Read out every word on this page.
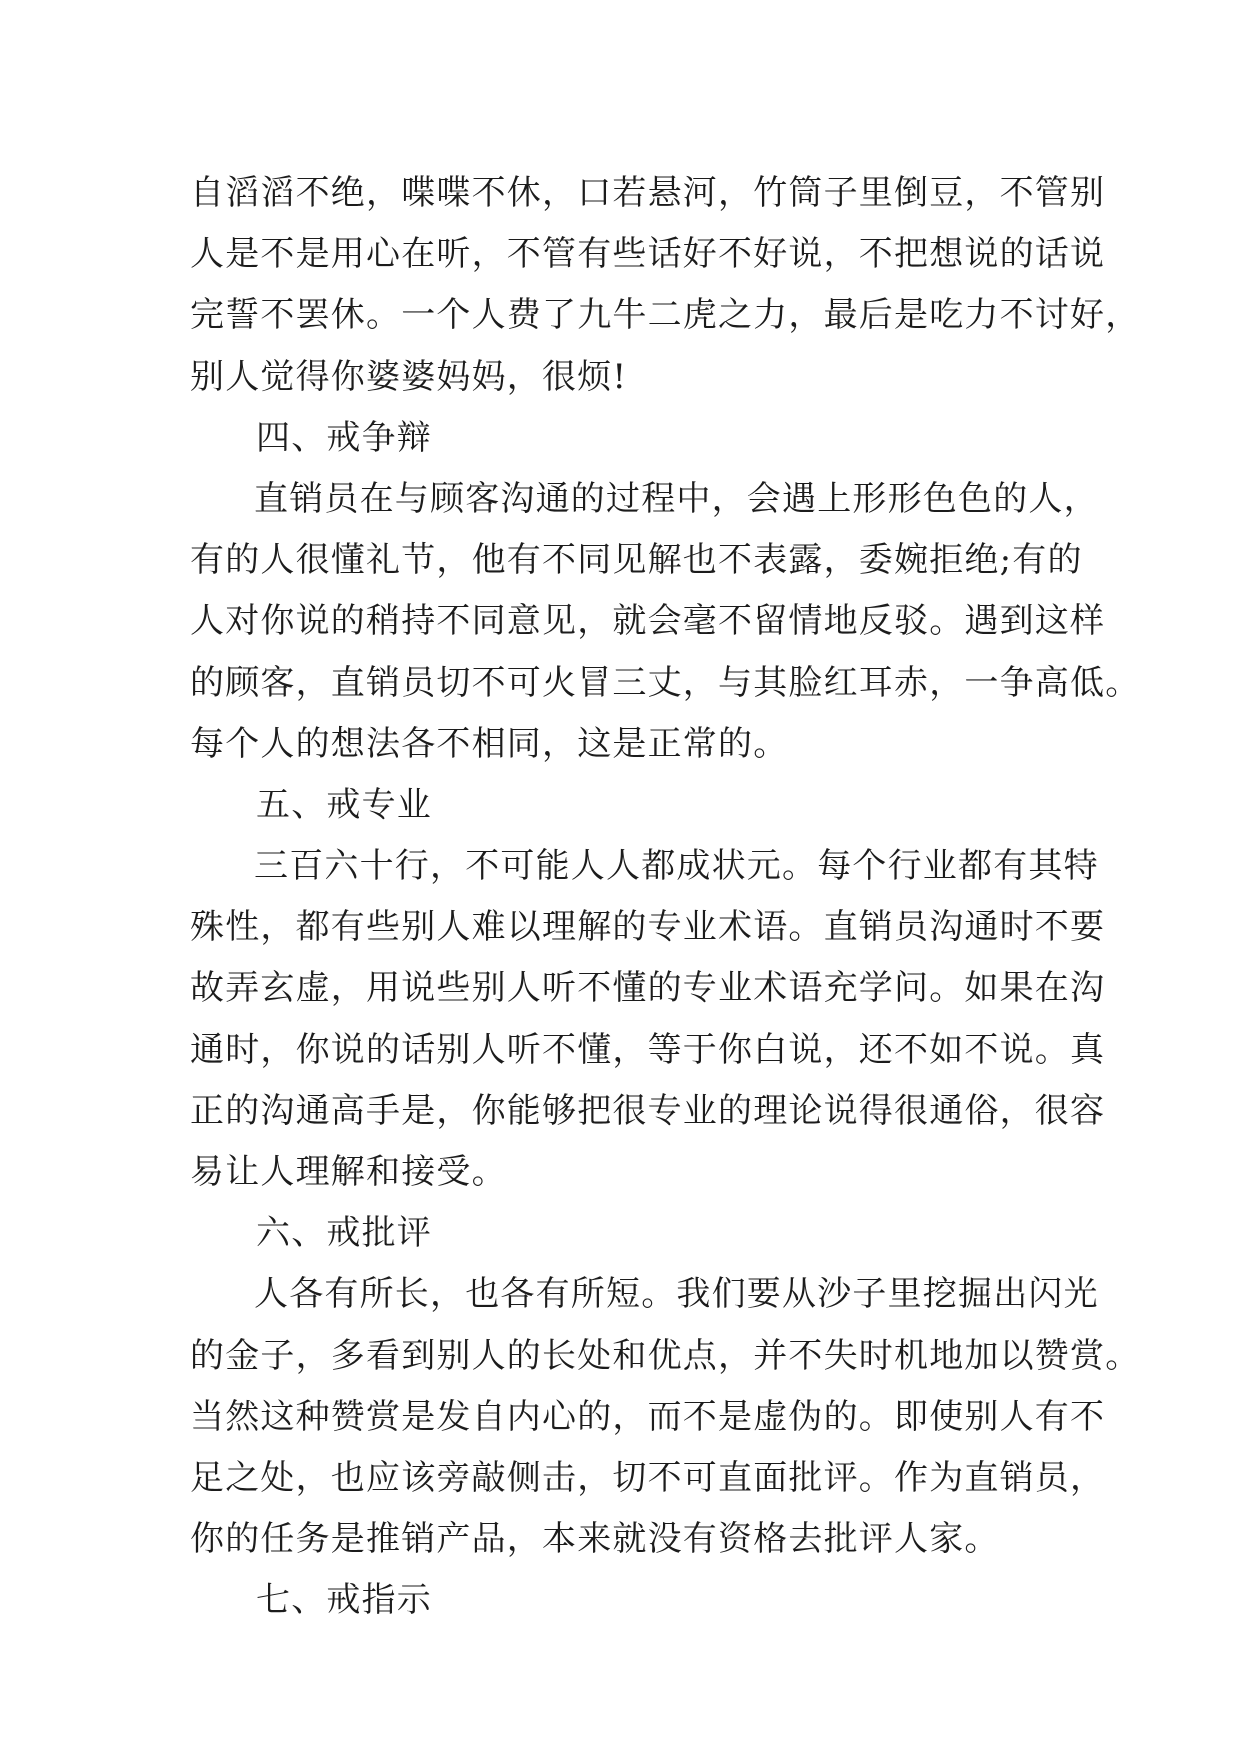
自滔滔不绝，喋喋不休，口若悬河，竹筒子里倒豆，不管别
人是不是用心在听，不管有些话好不好说，不把想说的话说
完誓不罢休。一个人费了九牛二虎之力，最后是吃力不讨好，
别人觉得你婆婆妈妈，很烦!
四、戒争辩
直销员在与顾客沟通的过程中，会遇上形形色色的人，
有的人很懂礼节，他有不同见解也不表露，委婉拒绝;有的
人对你说的稍持不同意见，就会毫不留情地反驳。遇到这样
的顾客，直销员切不可火冒三丈，与其脸红耳赤，一争高低。
每个人的想法各不相同，这是正常的。
五、戒专业
三百六十行，不可能人人都成状元。每个行业都有其特
殊性，都有些别人难以理解的专业术语。直销员沟通时不要
故弄玄虚，用说些别人听不懂的专业术语充学问。如果在沟
通时，你说的话别人听不懂，等于你白说，还不如不说。真
正的沟通高手是，你能够把很专业的理论说得很通俗，很容
易让人理解和接受。
六、戒批评
人各有所长，也各有所短。我们要从沙子里挖掘出闪光
的金子，多看到别人的长处和优点，并不失时机地加以赞赏。
当然这种赞赏是发自内心的，而不是虚伪的。即使别人有不
足之处，也应该旁敲侧击，切不可直面批评。作为直销员，
你的任务是推销产品，本来就没有资格去批评人家。
七、戒指示
